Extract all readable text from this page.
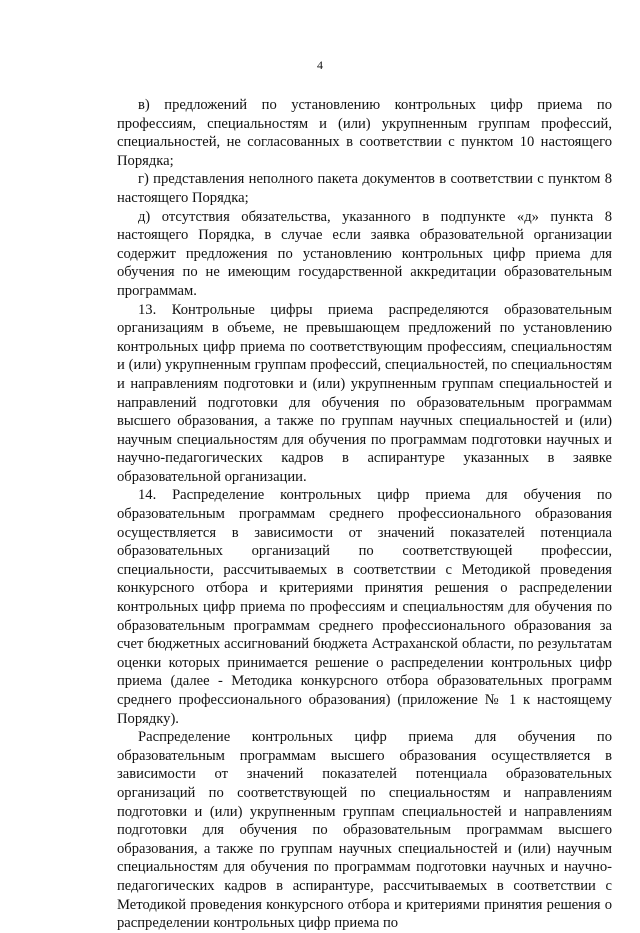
4

в) предложений по установлению контрольных цифр приема по профессиям, специальностям и (или) укрупненным группам профессий, специальностей, не согласованных в соответствии с пунктом 10 настоящего Порядка;

г) представления неполного пакета документов в соответствии с пунктом 8 настоящего Порядка;

д) отсутствия обязательства, указанного в подпункте «д» пункта 8 настоящего Порядка, в случае если заявка образовательной организации содержит предложения по установлению контрольных цифр приема для обучения по не имеющим государственной аккредитации образовательным программам.

13. Контрольные цифры приема распределяются образовательным организациям в объеме, не превышающем предложений по установлению контрольных цифр приема по соответствующим профессиям, специальностям и (или) укрупненным группам профессий, специальностей, по специальностям и направлениям подготовки и (или) укрупненным группам специальностей и направлений подготовки для обучения по образовательным программам высшего образования, а также по группам научных специальностей и (или) научным специальностям для обучения по программам подготовки научных и научно-педагогических кадров в аспирантуре указанных в заявке образовательной организации.

14. Распределение контрольных цифр приема для обучения по образовательным программам среднего профессионального образования осуществляется в зависимости от значений показателей потенциала образовательных организаций по соответствующей профессии, специальности, рассчитываемых в соответствии с Методикой проведения конкурсного отбора и критериями принятия решения о распределении контрольных цифр приема по профессиям и специальностям для обучения по образовательным программам среднего профессионального образования за счет бюджетных ассигнований бюджета Астраханской области, по результатам оценки которых принимается решение о распределении контрольных цифр приема (далее - Методика конкурсного отбора образовательных программ среднего профессионального образования) (приложение № 1 к настоящему Порядку).

Распределение контрольных цифр приема для обучения по образовательным программам высшего образования осуществляется в зависимости от значений показателей потенциала образовательных организаций по соответствующей по специальностям и направлениям подготовки и (или) укрупненным группам специальностей и направлениям подготовки для обучения по образовательным программам высшего образования, а также по группам научных специальностей и (или) научным специальностям для обучения по программам подготовки научных и научно-педагогических кадров в аспирантуре, рассчитываемых в соответствии с Методикой проведения конкурсного отбора и критериями принятия решения о распределении контрольных цифр приема по
